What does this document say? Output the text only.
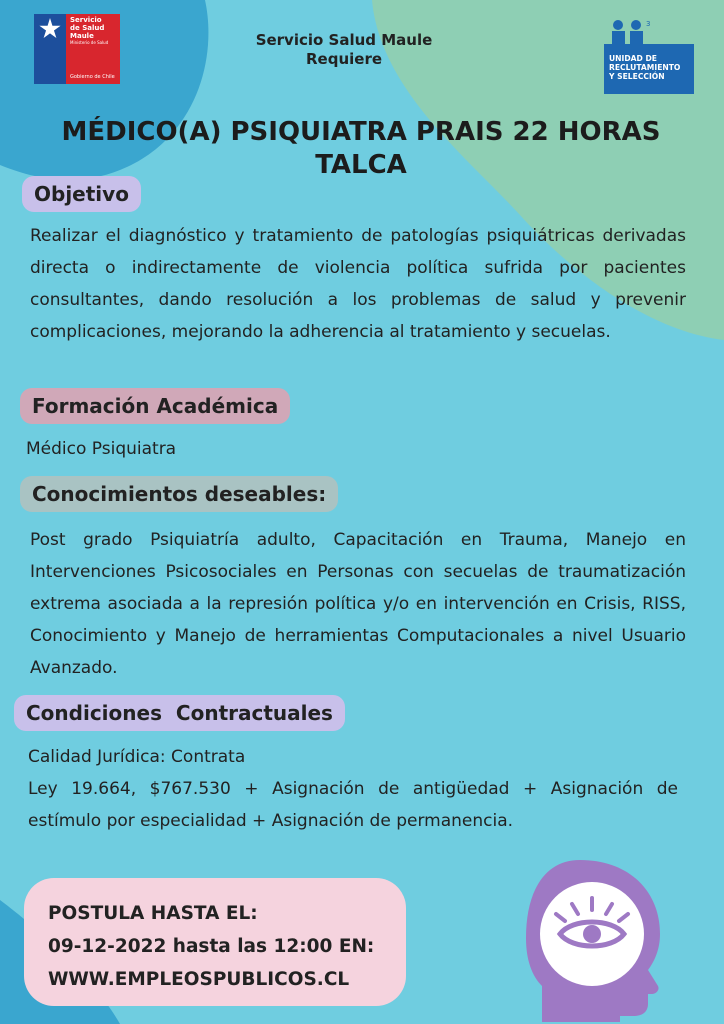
Servicio
de Salud
Maule
Ministerio de Salud
Gobierno de Chile
Servicio Salud Maule
Requiere
3
UNIDAD DE
RECLUTAMIENTO
Y SELECCIÓN
MÉDICO(A) PSIQUIATRA PRAIS 22 HORAS
TALCA
Objetivo
Realizar el diagnóstico y tratamiento de patologías psiquiátricas derivadas directa o indirectamente de violencia política sufrida por pacientes consultantes, dando resolución a los problemas de salud y prevenir complicaciones, mejorando la adherencia al tratamiento y secuelas.
Formación Académica
Médico Psiquiatra
Conocimientos deseables:
Post grado Psiquiatría adulto, Capacitación en Trauma, Manejo en Intervenciones Psicosociales en Personas con secuelas de traumatización extrema asociada a la represión política y/o en intervención en Crisis, RISS, Conocimiento y Manejo de herramientas Computacionales a nivel Usuario Avanzado.
Condiciones  Contractuales
Calidad Jurídica: Contrata
Ley 19.664, $767.530 + Asignación de antigüedad + Asignación de estímulo por especialidad + Asignación de permanencia.
POSTULA HASTA EL:
09-12-2022 hasta las 12:00 EN:
WWW.EMPLEOSPUBLICOS.CL
